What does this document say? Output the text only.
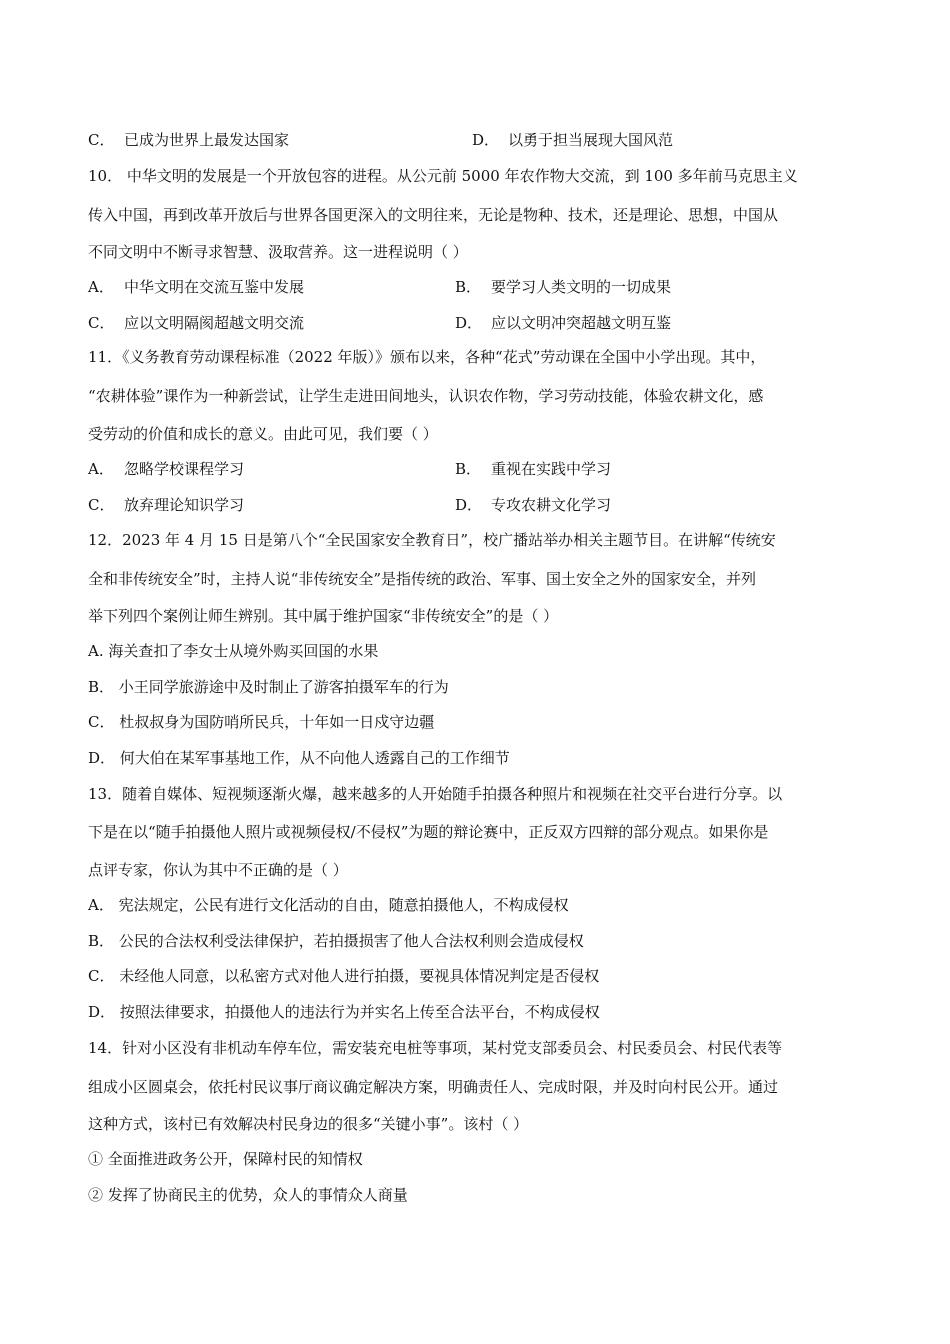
C． 已成为世界上最发达国家	D． 以勇于担当展现大国风范
10． 中华文明的发展是一个开放包容的进程。从公元前 5000 年农作物大交流，到 100 多年前马克思主义
传入中国，再到改革开放后与世界各国更深入的文明往来，无论是物种、技术，还是理论、思想，中国从
不同文明中不断寻求智慧、汲取营养。这一进程说明（ ）
A． 中华文明在交流互鉴中发展	B． 要学习人类文明的一切成果
C． 应以文明隔阂超越文明交流	D． 应以文明冲突超越文明互鉴
11．《义务教育劳动课程标准（2022 年版）》颁布以来，各种“花式”劳动课在全国中小学出现。其中，
“农耕体验”课作为一种新尝试，让学生走进田间地头，认识农作物，学习劳动技能，体验农耕文化，感
受劳动的价值和成长的意义。由此可见，我们要（ ）
A． 忽略学校课程学习	B． 重视在实践中学习
C． 放弃理论知识学习	D． 专攻农耕文化学习
12．2023 年 4 月 15 日是第八个“全民国家安全教育日”，校广播站举办相关主题节目。在讲解“传统安
全和非传统安全”时，主持人说“非传统安全”是指传统的政治、军事、国土安全之外的国家安全，并列
举下列四个案例让师生辨别。其中属于维护国家“非传统安全”的是（ ）
A. 海关查扣了李女士从境外购买回国的水果
B． 小王同学旅游途中及时制止了游客拍摄军车的行为
C． 杜叔叔身为国防哨所民兵，十年如一日戍守边疆
D． 何大伯在某军事基地工作，从不向他人透露自己的工作细节
13．随着自媒体、短视频逐渐火爆，越来越多的人开始随手拍摄各种照片和视频在社交平台进行分享。以
下是在以“随手拍摄他人照片或视频侵权/不侵权”为题的辩论赛中，正反双方四辩的部分观点。如果你是
点评专家，你认为其中不正确的是（ ）
A． 宪法规定，公民有进行文化活动的自由，随意拍摄他人，不构成侵权
B． 公民的合法权利受法律保护，若拍摄损害了他人合法权利则会造成侵权
C． 未经他人同意，以私密方式对他人进行拍摄，要视具体情况判定是否侵权
D． 按照法律要求，拍摄他人的违法行为并实名上传至合法平台，不构成侵权
14．针对小区没有非机动车停车位，需安装充电桩等事项，某村党支部委员会、村民委员会、村民代表等
组成小区圆桌会，依托村民议事厅商议确定解决方案，明确责任人、完成时限，并及时向村民公开。通过
这种方式，该村已有效解决村民身边的很多“关键小事”。该村（ ）
① 全面推进政务公开，保障村民的知情权
② 发挥了协商民主的优势，众人的事情众人商量
